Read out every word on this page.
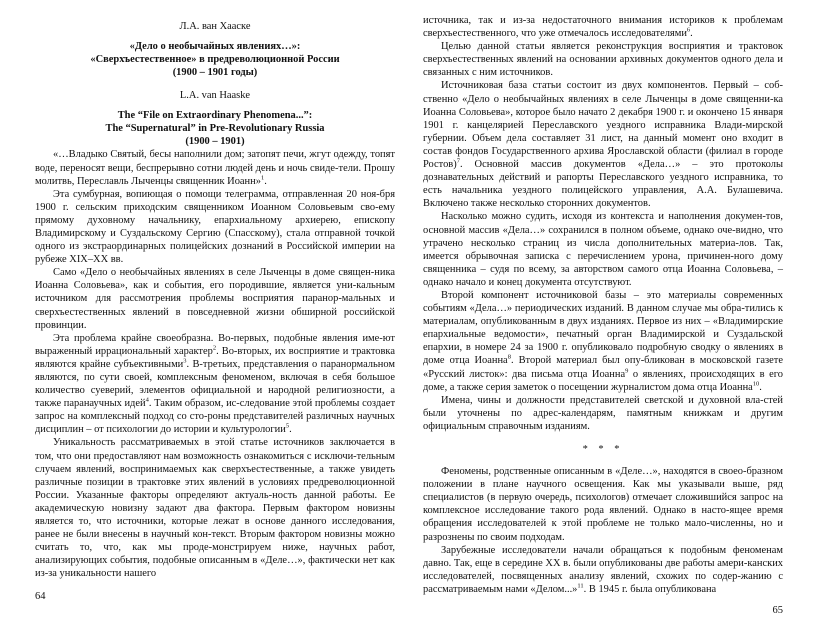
Л.А. ван Хааске
«Дело о необычайных явлениях…»:
«Сверхъестественное» в предреволюционной России
(1900 – 1901 годы)
L.A. van Haaske
The “File on Extraordinary Phenomena...”:
The “Supernatural” in Pre-Revolutionary Russia
(1900 – 1901)

«…Владыко Святый, бесы наполнили дом; затопят печи, жгут одежду, топят воде, переносят вещи, беспрерывно сотни людей день и ночь свиде-тели. Прошу молитвь, Переславль Лыченцы священник Иоанн»$^1$.

Эта сумбурная, вопиющая о помощи телеграмма, отправленная 20 ноя-бря 1900 г. сельским приходским священником Иоанном Соловьевым сво-ему прямому духовному начальнику, епархиальному архиерею, епископу Владимирскому и Суздальскому Сергию (Спасскому), стала отправной точкой одного из экстраординарных полицейских дознаний в Российской империи на рубеже XIX–XX вв.

Само «Дело о необычайных явлениях в селе Лыченцы в доме священ-ника Иоанна Соловьева», как и события, его породившие, является уни-кальным источником для рассмотрения проблемы восприятия паранор-мальных и сверхъестественных явлений в повседневной жизни обширной российской провинции.

Эта проблема крайне своеобразна. Во-первых, подобные явления име-ют выраженный иррациональный характер$^2$. Во-вторых, их восприятие и трактовка являются крайне субъективными$^3$. В-третьих, представления о паранормальном являются, по сути своей, комплексным феноменом, включая в себя большое количество суеверий, элементов официальной и народной религиозности, а также паранаучных идей$^4$. Таким образом, ис-следование этой проблемы создает запрос на комплексный подход со сто-роны представителей различных научных дисциплин – от психологии до истории и культурологии$^5$.

Уникальность рассматриваемых в этой статье источников заключается в том, что они предоставляют нам возможность ознакомиться с исключи-тельным случаем явлений, воспринимаемых как сверхъестественные, а также увидеть различные позиции в трактовке этих явлений в условиях предреволюционной России. Указанные факторы определяют актуаль-ность данной работы. Ее академическую новизну задают два фактора. Первым фактором новизны является то, что источники, которые лежат в основе данного исследования, ранее не были внесены в научный кон-текст. Вторым фактором новизны можно считать то, что, как мы проде-монстрируем ниже, научных работ, анализирующих события, подобные описанным в «Деле…», фактически нет как из-за уникальности нашего

64

источника, так и из-за недостаточного внимания историков к проблемам сверхъестественного, что уже отмечалось исследователями$^6$.

Целью данной статьи является реконструкция восприятия и трактовок сверхъестественных явлений на основании архивных документов одного дела и связанных с ним источников.

Источниковая база статьи состоит из двух компонентов. Первый – соб-ственно «Дело о необычайных явлениях в селе Лыченцы в доме священни-ка Иоанна Соловьева», которое было начато 2 декабря 1900 г. и окончено 15 января 1901 г. канцелярией Переславского уездного исправника Влади-мирской губернии. Объем дела составляет 31 лист, на данный момент оно входит в состав фондов Государственного архива Ярославской области (филиал в городе Ростов)$^7$. Основной массив документов «Дела…» – это протоколы дознавательных действий и рапорты Переславского уездного исправника, то есть начальника уездного полицейского управления, А.А. Булашевича. Включено также несколько сторонних документов.

Насколько можно судить, исходя из контекста и наполнения докумен-тов, основной массив «Дела…» сохранился в полном объеме, однако оче-видно, что утрачено несколько страниц из числа дополнительных материа-лов. Так, имеется обрывочная записка с перечислением урона, причинен-ного дому священника – судя по всему, за авторством самого отца Иоанна Соловьева, – однако начало и конец документа отсутствуют.

Второй компонент источниковой базы – это материалы современных событиям «Дела…» периодических изданий. В данном случае мы обра-тились к материалам, опубликованным в двух изданиях. Первое из них – «Владимирские епархиальные ведомости», печатный орган Владимирской и Суздальской епархии, в номере 24 за 1900 г. опубликовало подробную сводку о явлениях в доме отца Иоанна$^8$. Второй материал был опу-бликован в московской газете «Русский листок»: два письма отца Иоанна$^9$ о явлениях, происходящих в его доме, а также серия заметок о посещении журналистом дома отца Иоанна$^{10}$.

Имена, чины и должности представителей светской и духовной вла-стей были уточнены по адрес-календарям, памятным книжкам и другим официальным справочным изданиям.

* * *

Феномены, родственные описанным в «Деле…», находятся в своео-бразном положении в плане научного освещения. Как мы указывали выше, ряд специалистов (в первую очередь, психологов) отмечает сложившийся запрос на комплексное исследование такого рода явлений. Однако в насто-ящее время обращения исследователей к этой проблеме не только мало-численны, но и разрознены по своим подходам.

Зарубежные исследователи начали обращаться к подобным феноменам давно. Так, еще в середине ХХ в. были опубликованы две работы амери-канских исследователей, посвященных анализу явлений, схожих по содер-жанию с рассматриваемым нами «Делом...»$^{11}$. В 1945 г. была опубликована

65
